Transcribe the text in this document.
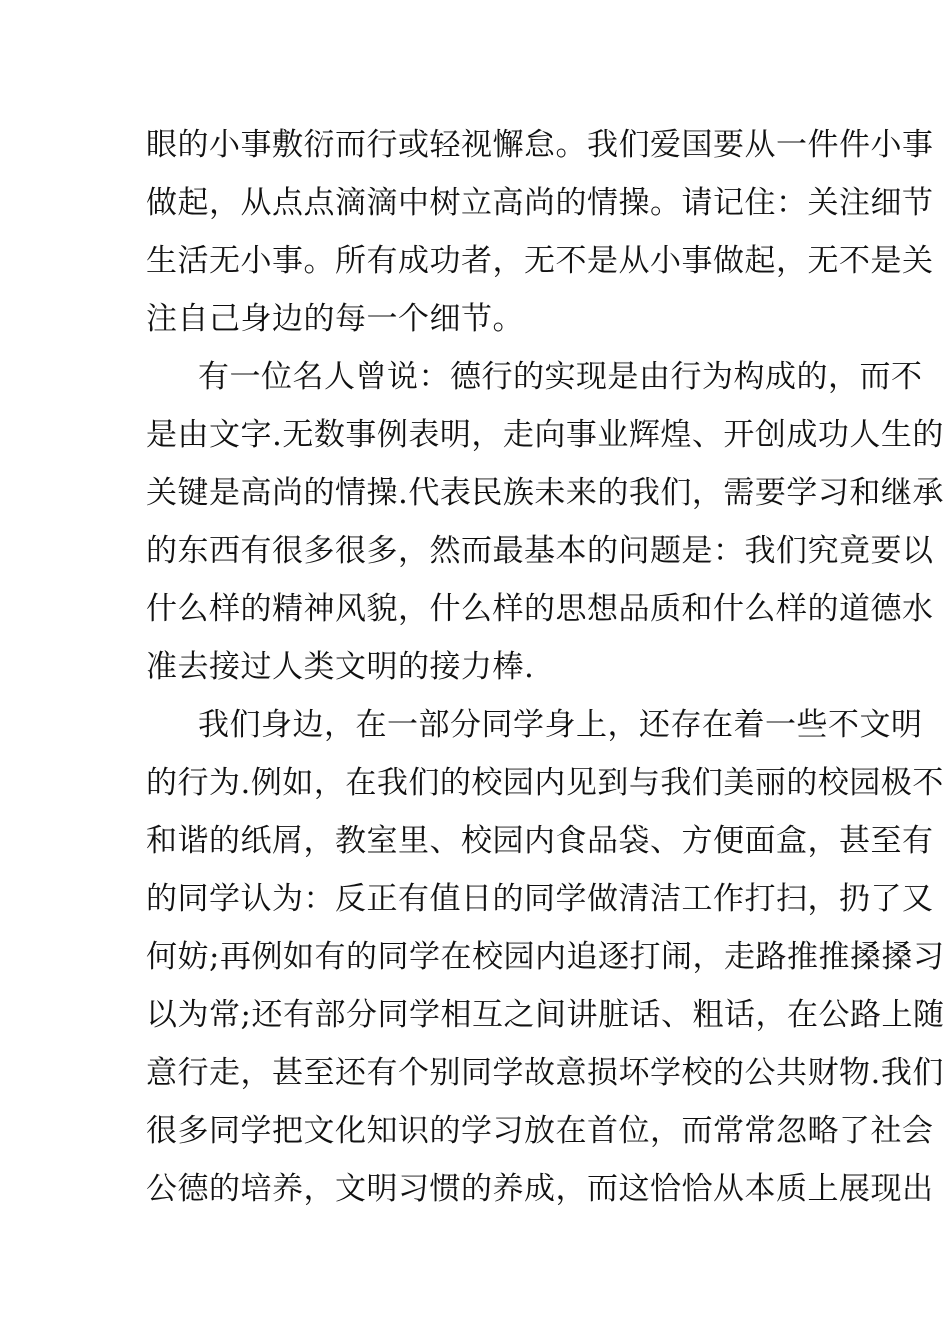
眼的小事敷衍而行或轻视懈怠。我们爱国要从一件件小事
做起，从点点滴滴中树立高尚的情操。请记住：关注细节
生活无小事。所有成功者，无不是从小事做起，无不是关
注自己身边的每一个细节。
有一位名人曾说：德行的实现是由行为构成的，而不
是由文字.无数事例表明，走向事业辉煌、开创成功人生的
关键是高尚的情操.代表民族未来的我们，需要学习和继承
的东西有很多很多，然而最基本的问题是：我们究竟要以
什么样的精神风貌，什么样的思想品质和什么样的道德水
准去接过人类文明的接力棒.
我们身边，在一部分同学身上，还存在着一些不文明
的行为.例如，在我们的校园内见到与我们美丽的校园极不
和谐的纸屑，教室里、校园内食品袋、方便面盒，甚至有
的同学认为：反正有值日的同学做清洁工作打扫，扔了又
何妨;再例如有的同学在校园内追逐打闹，走路推推搡搡习
以为常;还有部分同学相互之间讲脏话、粗话，在公路上随
意行走，甚至还有个别同学故意损坏学校的公共财物.我们
很多同学把文化知识的学习放在首位，而常常忽略了社会
公德的培养，文明习惯的养成，而这恰恰从本质上展现出
